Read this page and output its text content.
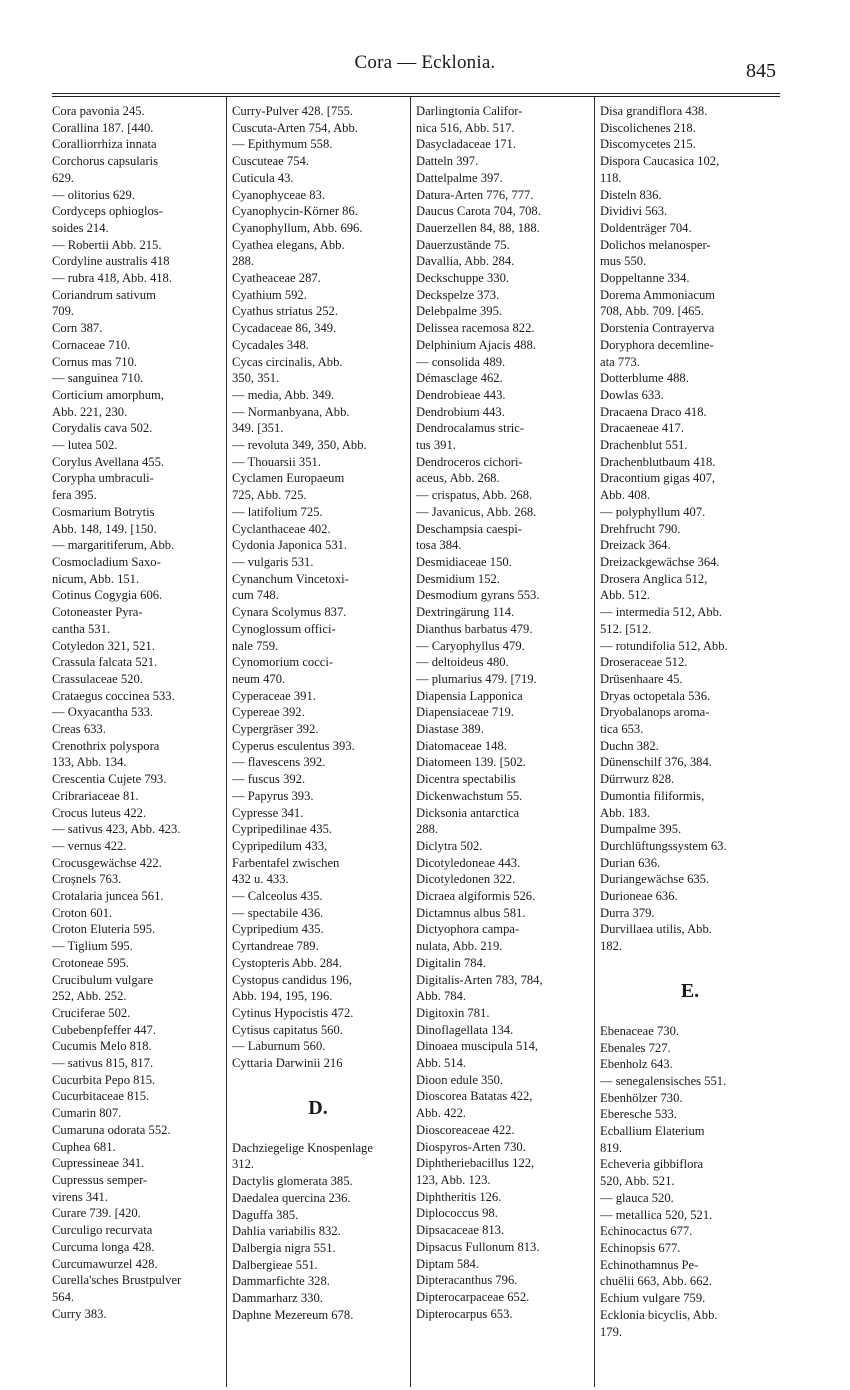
Cora — Ecklonia.	845

Cora pavonia 245.

Corallina 187. [440.

Coralliorrhiza innata

Corchorus capsularis

629.

— olitorius 629.

Cordyceps ophioglos-

soides 214.

— Robertii Abb. 215.

Cordyline australis 418

— rubra 418, Abb. 418.

Coriandrum sativum

709.

Corn 387.

Cornaceae 710.

Cornus mas 710.

— sanguinea 710.

Corticium amorphum,

Abb. 221, 230.

Corydalis cava 502.

— lutea 502.

Corylus Avellana 455.

Corypha umbraculi-

fera 395.

Cosmarium Botrytis

Abb. 148, 149. [150.

— margaritiferum, Abb.

Cosmocladium Saxo-

nicum, Abb. 151.

Cotinus Cogygia 606.

Cotoneaster Pyra-

cantha 531.

Cotyledon 321, 521.

Crassula falcata 521.

Crassulaceae 520.

Crataegus coccinea 533.

— Oxyacantha 533.

Creas 633.

Crenothrix polyspora

133, Abb. 134.

Crescentia Cujete 793.

Cribrariaceae 81.

Crocus luteus 422.

— sativus 423, Abb. 423.

— vernus 422.

Crocusgewächse 422.

Croșnels 763.

Crotalaria juncea 561.

Croton 601.

Croton Eluteria 595.

— Tiglium 595.

Crotoneae 595.

Crucibulum vulgare

252, Abb. 252.

Cruciferae 502.

Cubebenpfeffer 447.

Cucumis Melo 818.

— sativus 815, 817.

Cucurbita Pepo 815.

Cucurbitaceae 815.

Cumarin 807.

Cumaruna odorata 552.

Cuphea 681.

Cupressineae 341.

Cupressus semper-

virens 341.

Curare 739. [420.

Curculigo recurvata

Curcuma longa 428.

Curcumawurzel 428.

Curella'sches Brustpulver

564.

Curry 383.

Curry-Pulver 428. [755.

Cuscuta-Arten 754, Abb.

— Epithymum 558.

Cuscuteae 754.

Cuticula 43.

Cyanophyceae 83.

Cyanophycin-Körner 86.

Cyanophyllum, Abb. 696.

Cyathea elegans, Abb.

288.

Cyatheaceae 287.

Cyathium 592.

Cyathus striatus 252.

Cycadaceae 86, 349.

Cycadales 348.

Cycas circinalis, Abb.

350, 351.

— media, Abb. 349.

— Normanbyana, Abb.

349. [351.

— revoluta 349, 350, Abb.

— Thouarsii 351.

Cyclamen Europaeum

725, Abb. 725.

— latifolium 725.

Cyclanthaceae 402.

Cydonia Japonica 531.

— vulgaris 531.

Cynanchum Vincetoxi-

cum 748.

Cynara Scolymus 837.

Cynoglossum offici-

nale 759.

Cynomorium cocci-

neum 470.

Cyperaceae 391.

Cypereae 392.

Cypergräser 392.

Cyperus esculentus 393.

— flavescens 392.

— fuscus 392.

— Papyrus 393.

Cypresse 341.

Cypripedilinae 435.

Cypripedilum 433,

Farbentafel zwischen

432 u. 433.

— Calceolus 435.

— spectabile 436.

Cypripedium 435.

Cyrtandreae 789.

Cystopteris Abb. 284.

Cystopus candidus 196,

Abb. 194, 195, 196.

Cytinus Hypocistis 472.

Cytisus capitatus 560.

— Laburnum 560.

Cyttaria Darwinii 216

D.

Dachziegelige Knospenlage

312.

Dactylis glomerata 385.

Daedalea quercina 236.

Daguffa 385.

Dahlia variabilis 832.

Dalbergia nigra 551.

Dalbergieae 551.

Dammarfichte 328.

Dammarharz 330.

Daphne Mezereum 678.

Darlingtonia Califor-

nica 516, Abb. 517.

Dasycladaceae 171.

Datteln 397.

Dattelpalme 397.

Datura-Arten 776, 777.

Daucus Carota 704, 708.

Dauerzellen 84, 88, 188.

Dauerzustände 75.

Davallia, Abb. 284.

Deckschuppe 330.

Deckspelze 373.

Delebpalme 395.

Delissea racemosa 822.

Delphinium Ajacis 488.

— consolida 489.

Démasclage 462.

Dendrobieae 443.

Dendrobium 443.

Dendrocalamus stric-

tus 391.

Dendroceros cichori-

aceus, Abb. 268.

— crispatus, Abb. 268.

— Javanicus, Abb. 268.

Deschampsia caespi-

tosa 384.

Desmidiaceae 150.

Desmidium 152.

Desmodium gyrans 553.

Dextringärung 114.

Dianthus barbatus 479.

— Caryophyllus 479.

— deltoideus 480.

— plumarius 479. [719.

Diapensia Lapponica

Diapensiaceae 719.

Diastase 389.

Diatomaceae 148.

Diatomeen 139. [502.

Dicentra spectabilis

Dickenwachstum 55.

Dicksonia antarctica

288.

Diclytra 502.

Dicotyledoneae 443.

Dicotyledonen 322.

Dicraea algiformis 526.

Dictamnus albus 581.

Dictyophora campa-

nulata, Abb. 219.

Digitalin 784.

Digitalis-Arten 783, 784,

Abb. 784.

Digitoxin 781.

Dinoflagellata 134.

Dinoaea muscipula 514,

Abb. 514.

Dioon edule 350.

Dioscorea Batatas 422,

Abb. 422.

Dioscoreaceae 422.

Diospyros-Arten 730.

Diphtheriebacillus 122,

123, Abb. 123.

Diphtheritis 126.

Diplococcus 98.

Dipsacaceae 813.

Dipsacus Fullonum 813.

Diptam 584.

Dipteracanthus 796.

Dipterocarpaceae 652.

Dipterocarpus 653.

Disa grandiflora 438.

Discolichenes 218.

Discomycetes 215.

Dispora Caucasica 102,

118.

Disteln 836.

Dividivi 563.

Doldenträger 704.

Dolichos melanosper-

mus 550.

Doppeltanne 334.

Dorema Ammoniacum

708, Abb. 709. [465.

Dorstenia Contrayerva

Doryphora decemline-

ata 773.

Dotterblume 488.

Dowlas 633.

Dracaena Draco 418.

Dracaeneae 417.

Drachenblut 551.

Drachenblutbaum 418.

Dracontium gigas 407,

Abb. 408.

— polyphyllum 407.

Drehfrucht 790.

Dreizack 364.

Dreizackgewächse 364.

Drosera Anglica 512,

Abb. 512.

— intermedia 512, Abb.

512. [512.

— rotundifolia 512, Abb.

Droseraceae 512.

Drüsenhaare 45.

Dryas octopetala 536.

Dryobalanops aroma-

tica 653.

Duchn 382.

Dünenschilf 376, 384.

Dürrwurz 828.

Dumontia filiformis,

Abb. 183.

Dumpalme 395.

Durchlüftungssystem 63.

Durian 636.

Duriangewächse 635.

Durioneae 636.

Durra 379.

Durvillaea utilis, Abb.

182.

E.

Ebenaceae 730.

Ebenales 727.

Ebenholz 643.

— senegalensisches 551.

Ebenhölzer 730.

Eberesche 533.

Ecballium Elaterium

819.

Echeveria gibbiflora

520, Abb. 521.

— glauca 520.

— metallica 520, 521.

Echinocactus 677.

Echinopsis 677.

Echinothamnus Pe-

chuëlii 663, Abb. 662.

Echium vulgare 759.

Ecklonia bicyclis, Abb.

179.
